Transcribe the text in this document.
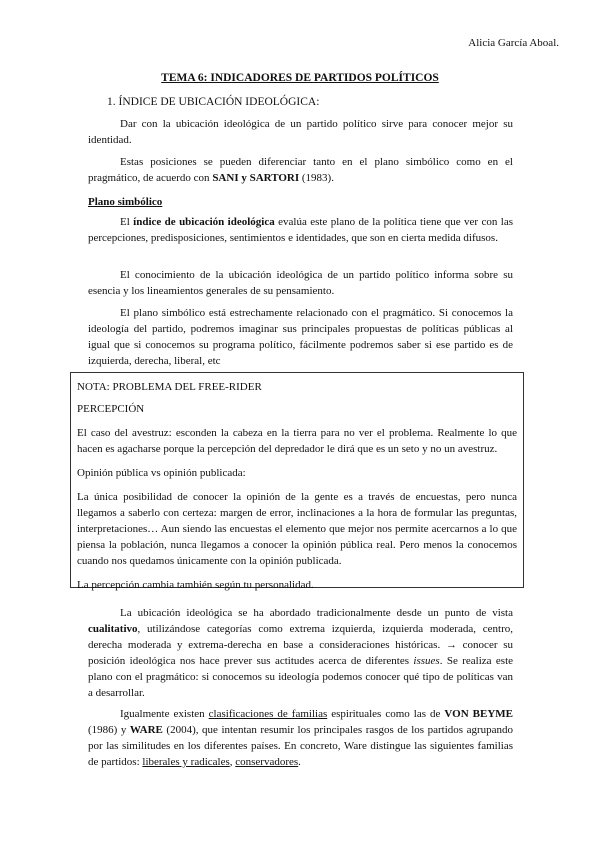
Alicia García Aboal.
TEMA 6: INDICADORES DE PARTIDOS POLÍTICOS
1. ÍNDICE DE UBICACIÓN IDEOLÓGICA:

Dar con la ubicación ideológica de un partido político sirve para conocer mejor su identidad.

Estas posiciones se pueden diferenciar tanto en el plano simbólico como en el pragmático, de acuerdo con SANI y SARTORI (1983).

Plano simbólico

El índice de ubicación ideológica evalúa este plano de la política tiene que ver con las percepciones, predisposiciones, sentimientos e identidades, que son en cierta medida difusos.

El conocimiento de la ubicación ideológica de un partido político informa sobre su esencia y los lineamientos generales de su pensamiento.

El plano simbólico está estrechamente relacionado con el pragmático. Si conocemos la ideología del partido, podremos imaginar sus principales propuestas de políticas públicas al igual que si conocemos su programa político, fácilmente podremos saber si ese partido es de izquierda, derecha, liberal, etc

NOTA: PROBLEMA DEL FREE-RIDER

PERCEPCIÓN

El caso del avestruz: esconden la cabeza en la tierra para no ver el problema. Realmente lo que hacen es agacharse porque la percepción del depredador le dirá que es un seto y no un avestruz.

Opinión pública vs opinión publicada:

La única posibilidad de conocer la opinión de la gente es a través de encuestas, pero nunca llegamos a saberlo con certeza: margen de error, inclinaciones a la hora de formular las preguntas, interpretaciones… Aun siendo las encuestas el elemento que mejor nos permite acercarnos a lo que piensa la población, nunca llegamos a conocer la opinión pública real. Pero menos la conocemos cuando nos quedamos únicamente con la opinión publicada.

La percepción cambia también según tu personalidad.

La ubicación ideológica se ha abordado tradicionalmente desde un punto de vista cualitativo, utilizándose categorías como extrema izquierda, izquierda moderada, centro, derecha moderada y extrema-derecha en base a consideraciones históricas. → conocer su posición ideológica nos hace prever sus actitudes acerca de diferentes issues. Se realiza este plano con el pragmático: si conocemos su ideología podemos conocer qué tipo de políticas van a desarrollar.

Igualmente existen clasificaciones de familias espirituales como las de VON BEYME (1986) y WARE (2004), que intentan resumir los principales rasgos de los partidos agrupando por las similitudes en los diferentes países. En concreto, Ware distingue las siguientes familias de partidos: liberales y radicales, conservadores.
